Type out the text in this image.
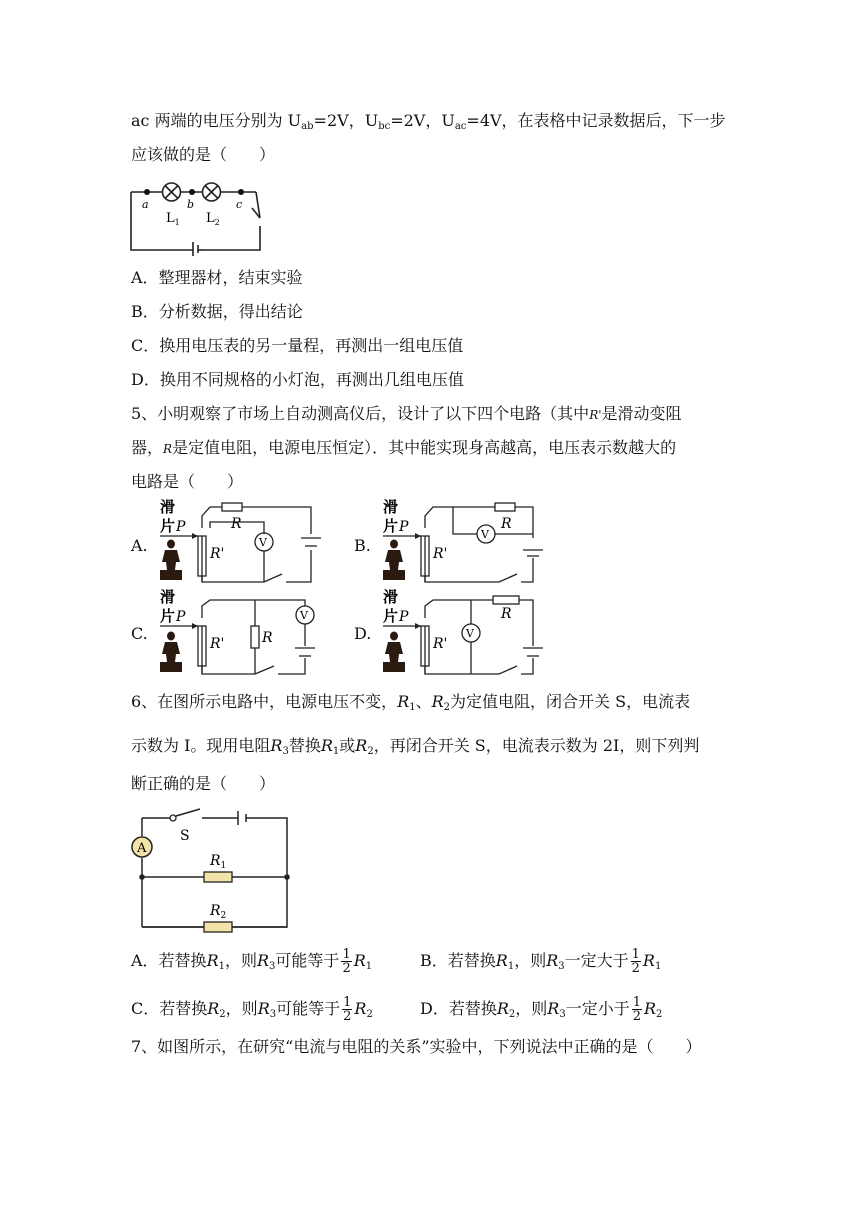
ac 两端的电压分别为 $U_{ab}=2V$，$U_{bc}=2V$，$U_{ac}=4V$，在表格中记录数据后，下一步
应该做的是（　　）
a	b	c
$L_1$ $L_2$
A．整理器材，结束实验
B．分析数据，得出结论
C．换用电压表的另一量程，再测出一组电压值
D．换用不同规格的小灯泡，再测出几组电压值
5、小明观察了市场上自动测高仪后，设计了以下四个电路（其中R'是滑动变阻
器，R是定值电阻，电源电压恒定）．其中能实现身高越高，电压表示数越大的
电路是（　　）
A.	B.
C.	D.
滑
片 P	R
R'
V
滑
片 P	R
R'
V
滑
片 P
R
R'
V
滑
片 P	R
R'
V
6、在图所示电路中，电源电压不变，$R_1$、$R_2$为定值电阻，闭合开关 S，电流表
示数为 I。现用电阻$R_3$替换$R_1$或$R_2$，再闭合开关 S，电流表示数为 2I，则下列判
断正确的是（　　）
A
S
$R_1$
$R_2$
A．若替换$R_1$，则$R_3$可能等于 $\frac{1}{2} R_1$	B．若替换$R_1$，则$R_3$一定大于 $\frac{1}{2} R_1$
C．若替换$R_2$，则$R_3$可能等于 $\frac{1}{2} R_2$	D．若替换$R_2$，则$R_3$一定小于 $\frac{1}{2} R_2$
7、如图所示，在研究“电流与电阻的关系”实验中，下列说法中正确的是（　　）
